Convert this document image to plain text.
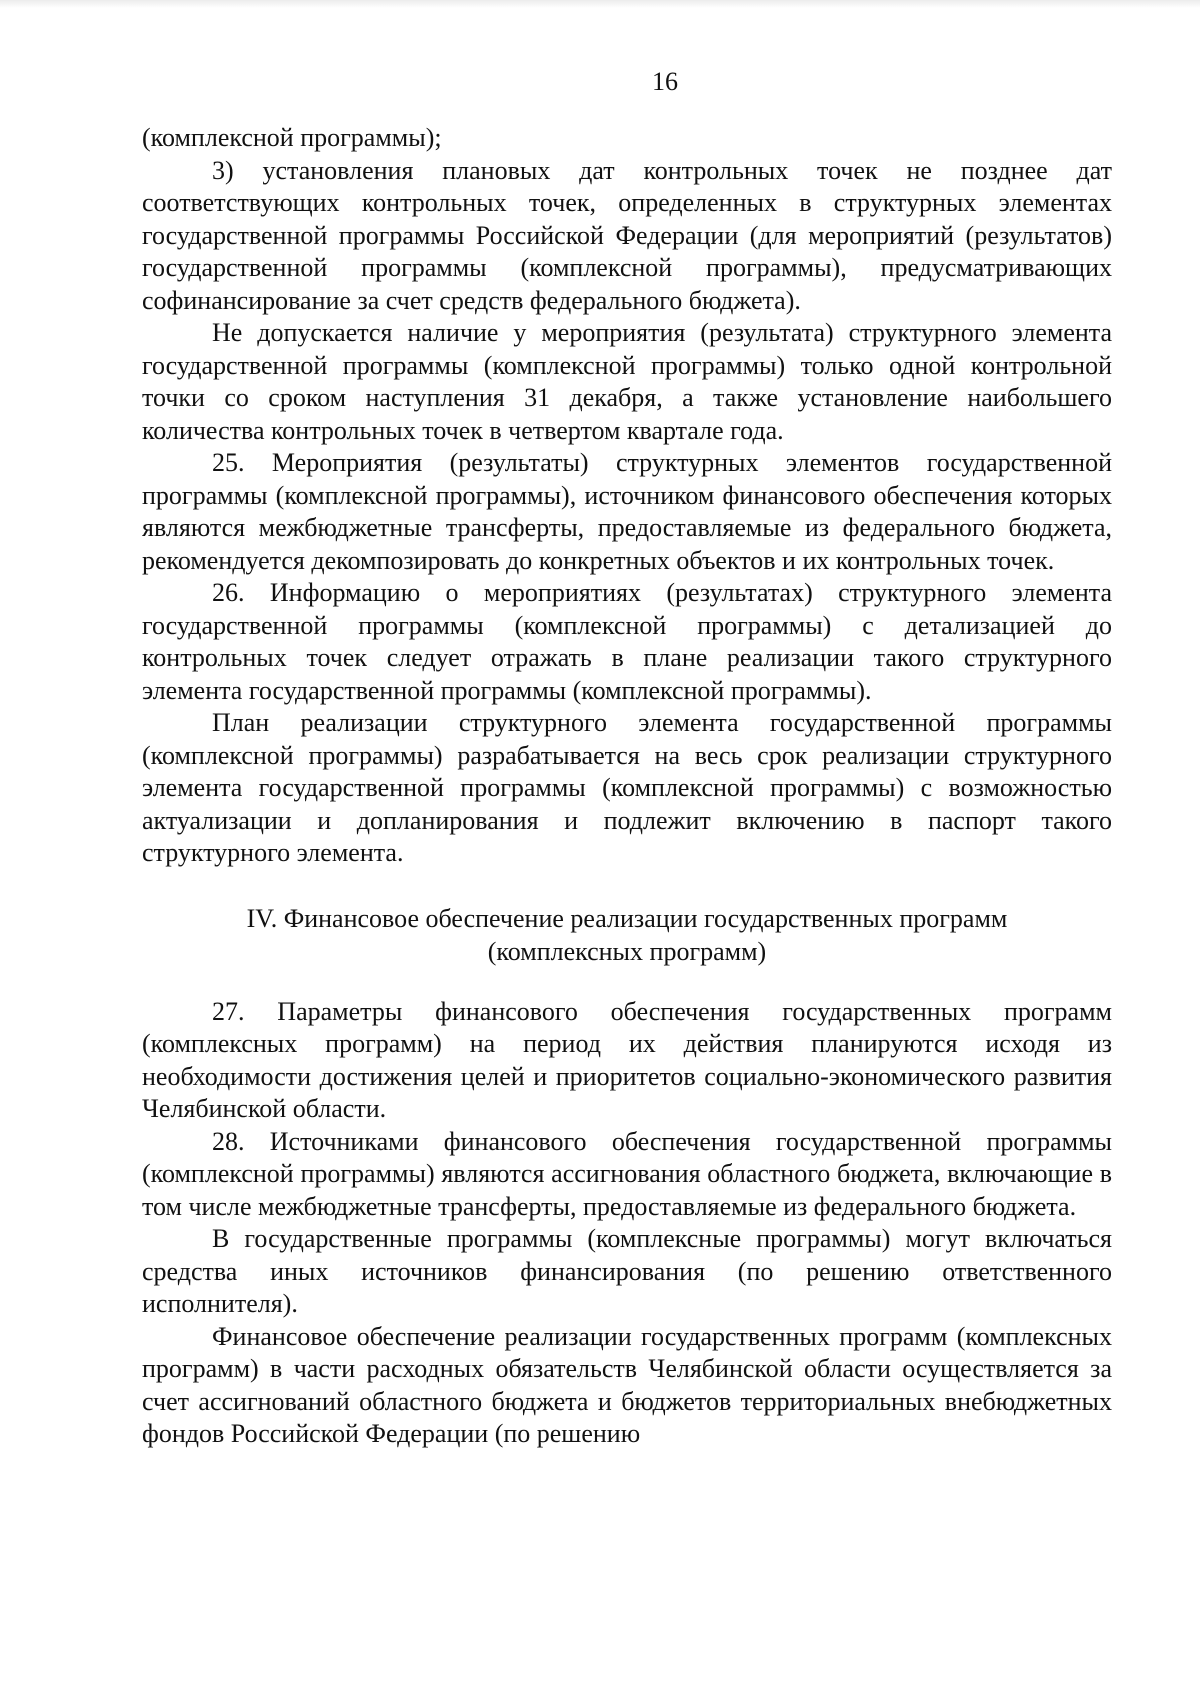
16

(комплексной программы);

3) установления плановых дат контрольных точек не позднее дат соответствующих контрольных точек, определенных в структурных элементах государственной программы Российской Федерации (для мероприятий (результатов) государственной программы (комплексной программы), предусматривающих софинансирование за счет средств федерального бюджета).

Не допускается наличие у мероприятия (результата) структурного элемента государственной программы (комплексной программы) только одной контрольной точки со сроком наступления 31 декабря, а также установление наибольшего количества контрольных точек в четвертом квартале года.

25. Мероприятия (результаты) структурных элементов государственной программы (комплексной программы), источником финансового обеспечения которых являются межбюджетные трансферты, предоставляемые из федерального бюджета, рекомендуется декомпозировать до конкретных объектов и их контрольных точек.

26. Информацию о мероприятиях (результатах) структурного элемента государственной программы (комплексной программы) с детализацией до контрольных точек следует отражать в плане реализации такого структурного элемента государственной программы (комплексной программы).

План реализации структурного элемента государственной программы (комплексной программы) разрабатывается на весь срок реализации структурного элемента государственной программы (комплексной программы) с возможностью актуализации и допланирования и подлежит включению в паспорт такого структурного элемента.

IV. Финансовое обеспечение реализации государственных программ
(комплексных программ)

27. Параметры финансового обеспечения государственных программ (комплексных программ) на период их действия планируются исходя из необходимости достижения целей и приоритетов социально-экономического развития Челябинской области.

28. Источниками финансового обеспечения государственной программы (комплексной программы) являются ассигнования областного бюджета, включающие в том числе межбюджетные трансферты, предоставляемые из федерального бюджета.

В государственные программы (комплексные программы) могут включаться средства иных источников финансирования (по решению ответственного исполнителя).

Финансовое обеспечение реализации государственных программ (комплексных программ) в части расходных обязательств Челябинской области осуществляется за счет ассигнований областного бюджета и бюджетов территориальных внебюджетных фондов Российской Федерации (по решению
